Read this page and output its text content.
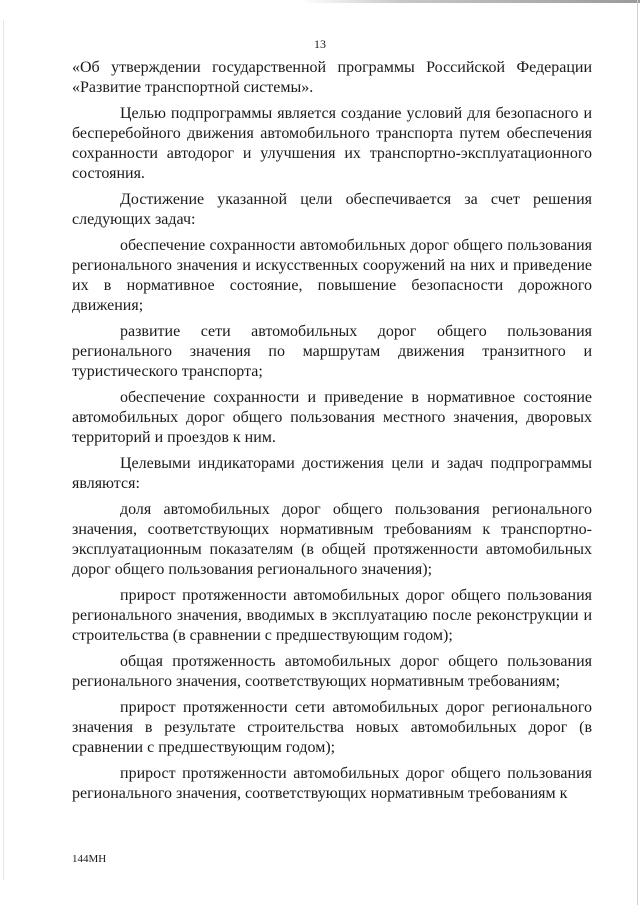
13

«Об утверждении государственной программы Российской Федерации «Развитие транспортной системы».

Целью подпрограммы является создание условий для безопасного и бесперебойного движения автомобильного транспорта путем обеспечения сохранности автодорог и улучшения их транспортно-эксплуатационного состояния.

Достижение указанной цели обеспечивается за счет решения следующих задач:

обеспечение сохранности автомобильных дорог общего пользования регионального значения и искусственных сооружений на них и приведение их в нормативное состояние, повышение безопасности дорожного движения;

развитие сети автомобильных дорог общего пользования регионального значения по маршрутам движения транзитного и туристического транспорта;

обеспечение сохранности и приведение в нормативное состояние автомобильных дорог общего пользования местного значения, дворовых территорий и проездов к ним.

Целевыми индикаторами достижения цели и задач подпрограммы являются:

доля автомобильных дорог общего пользования регионального значения, соответствующих нормативным требованиям к транспортно-эксплуатационным показателям (в общей протяженности автомобильных дорог общего пользования регионального значения);

прирост протяженности автомобильных дорог общего пользования регионального значения, вводимых в эксплуатацию после реконструкции и строительства (в сравнении с предшествующим годом);

общая протяженность автомобильных дорог общего пользования регионального значения, соответствующих нормативным требованиям;

прирост протяженности сети автомобильных дорог регионального значения в результате строительства новых автомобильных дорог (в сравнении с предшествующим годом);

прирост протяженности автомобильных дорог общего пользования регионального значения, соответствующих нормативным требованиям к

144МН
